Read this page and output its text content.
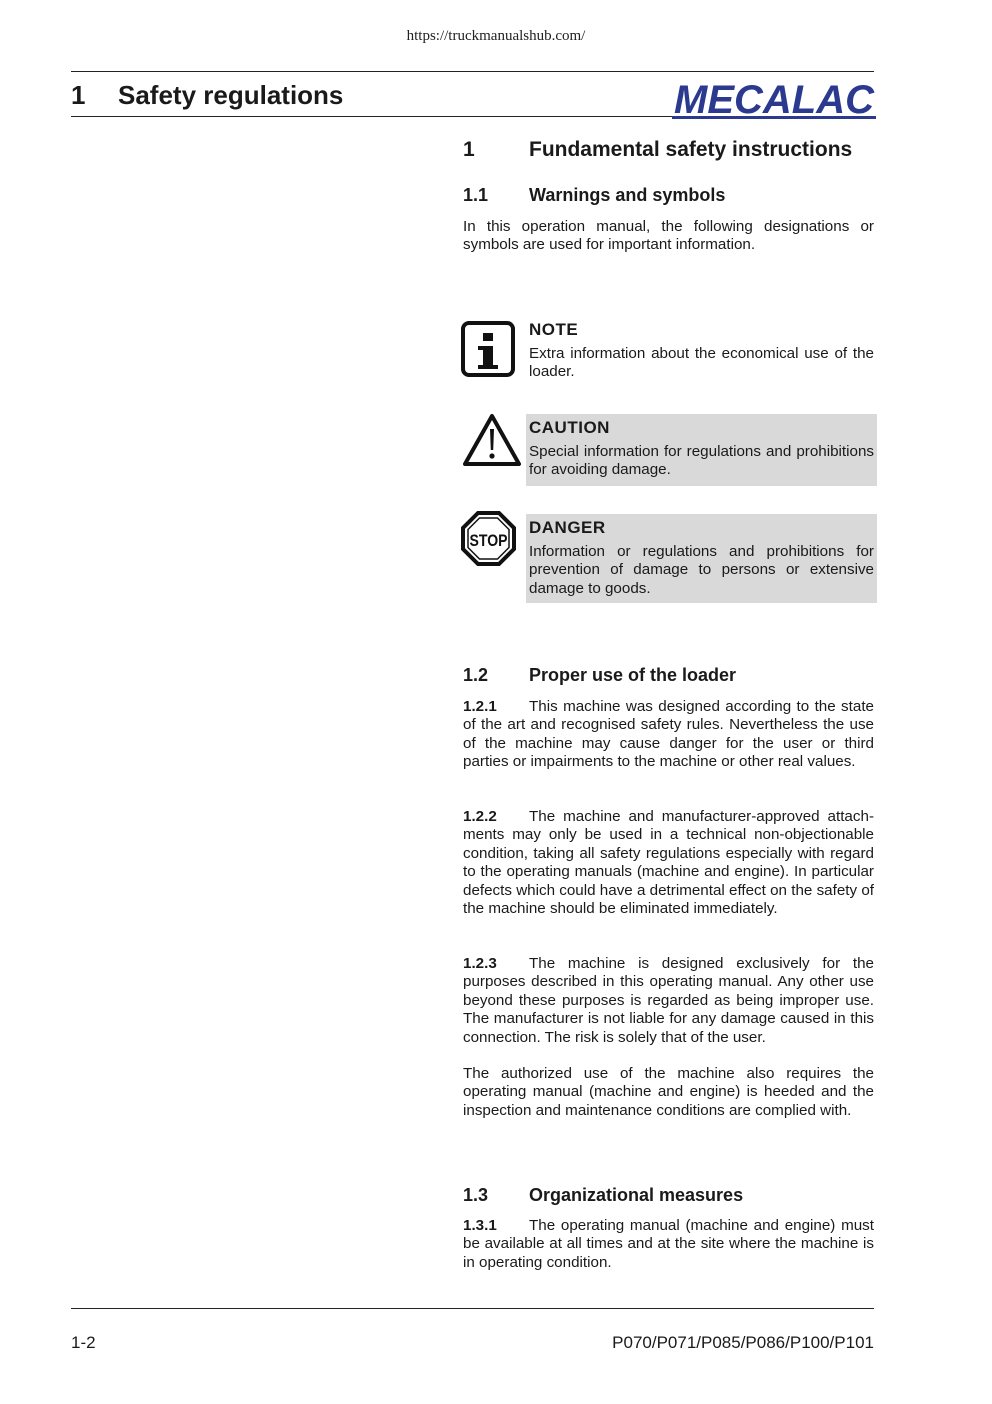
https://truckmanualshub.com/
1 Safety regulations	MECALAC
1	Fundamental safety instructions
1.1 Warnings and symbols

In this operation manual, the following designations or symbols are used for important information.

NOTE
Extra information about the economical use of the loader.
CAUTION
Special information for regulations and prohibitions for avoiding damage.
STOP
DANGER
Information or regulations and prohibitions for prevention of damage to persons or extensive damage to goods.
1.2 Proper use of the loader

1.2.1 This machine was designed according to the state of the art and recognised safety rules. Nevertheless the use of the machine may cause danger for the user or third parties or impairments to the machine or other real values.

1.2.2 The machine and manufacturer-approved attachments may only be used in a technical non-objectionable condition, taking all safety regulations especially with regard to the operating manuals (machine and engine). In particular defects which could have a detrimental effect on the safety of the machine should be eliminated immediately.

1.2.3 The machine is designed exclusively for the purposes described in this operating manual. Any other use beyond these purposes is regarded as being improper use. The manufacturer is not liable for any damage caused in this connection. The risk is solely that of the user.

The authorized use of the machine also requires the operating manual (machine and engine) is heeded and the inspection and maintenance conditions are complied with.

1.3 Organizational measures

1.3.1 The operating manual (machine and engine) must be available at all times and at the site where the machine is in operating condition.

1-2	P070/P071/P085/P086/P100/P101
